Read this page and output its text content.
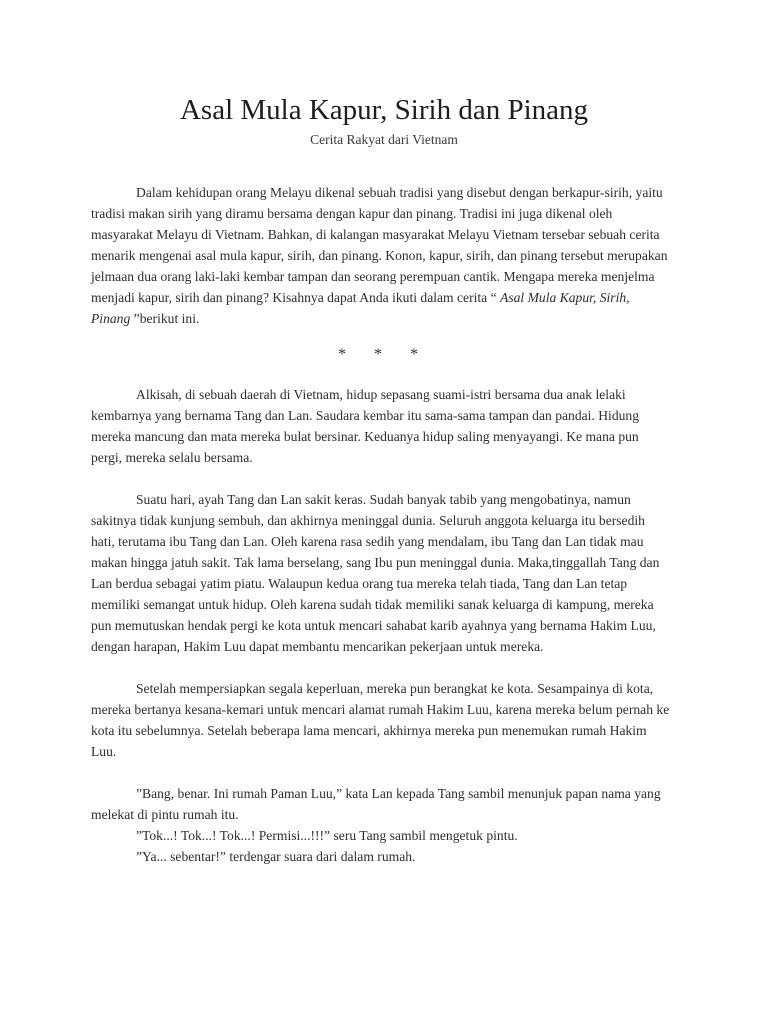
Asal Mula Kapur, Sirih dan Pinang
Cerita Rakyat dari Vietnam

Dalam kehidupan orang Melayu dikenal sebuah tradisi yang disebut dengan berkapur-sirih, yaitu tradisi makan sirih yang diramu bersama dengan kapur dan pinang. Tradisi ini juga dikenal oleh masyarakat Melayu di Vietnam. Bahkan, di kalangan masyarakat Melayu Vietnam tersebar sebuah cerita menarik mengenai asal mula kapur, sirih, dan pinang. Konon, kapur, sirih, dan pinang tersebut merupakan jelmaan dua orang laki-laki kembar tampan dan seorang perempuan cantik. Mengapa mereka menjelma menjadi kapur, sirih dan pinang? Kisahnya dapat Anda ikuti dalam cerita “ Asal Mula Kapur, Sirih, Pinang ”berikut ini.

* * *

Alkisah, di sebuah daerah di Vietnam, hidup sepasang suami-istri bersama dua anak lelaki kembarnya yang bernama Tang dan Lan. Saudara kembar itu sama-sama tampan dan pandai. Hidung mereka mancung dan mata mereka bulat bersinar. Keduanya hidup saling menyayangi. Ke mana pun pergi, mereka selalu bersama.

Suatu hari, ayah Tang dan Lan sakit keras. Sudah banyak tabib yang mengobatinya, namun sakitnya tidak kunjung sembuh, dan akhirnya meninggal dunia. Seluruh anggota keluarga itu bersedih hati, terutama ibu Tang dan Lan. Oleh karena rasa sedih yang mendalam, ibu Tang dan Lan tidak mau makan hingga jatuh sakit. Tak lama berselang, sang Ibu pun meninggal dunia. Maka,tinggallah Tang dan Lan berdua sebagai yatim piatu. Walaupun kedua orang tua mereka telah tiada, Tang dan Lan tetap memiliki semangat untuk hidup. Oleh karena sudah tidak memiliki sanak keluarga di kampung, mereka pun memutuskan hendak pergi ke kota untuk mencari sahabat karib ayahnya yang bernama Hakim Luu, dengan harapan, Hakim Luu dapat membantu mencarikan pekerjaan untuk mereka.

Setelah mempersiapkan segala keperluan, mereka pun berangkat ke kota. Sesampainya di kota, mereka bertanya kesana-kemari untuk mencari alamat rumah Hakim Luu, karena mereka belum pernah ke kota itu sebelumnya. Setelah beberapa lama mencari, akhirnya mereka pun menemukan rumah Hakim Luu.

”Bang, benar. Ini rumah Paman Luu,” kata Lan kepada Tang sambil menunjuk papan nama yang melekat di pintu rumah itu.

”Tok...! Tok...! Tok...! Permisi...!!!” seru Tang sambil mengetuk pintu.

”Ya... sebentar!” terdengar suara dari dalam rumah.
